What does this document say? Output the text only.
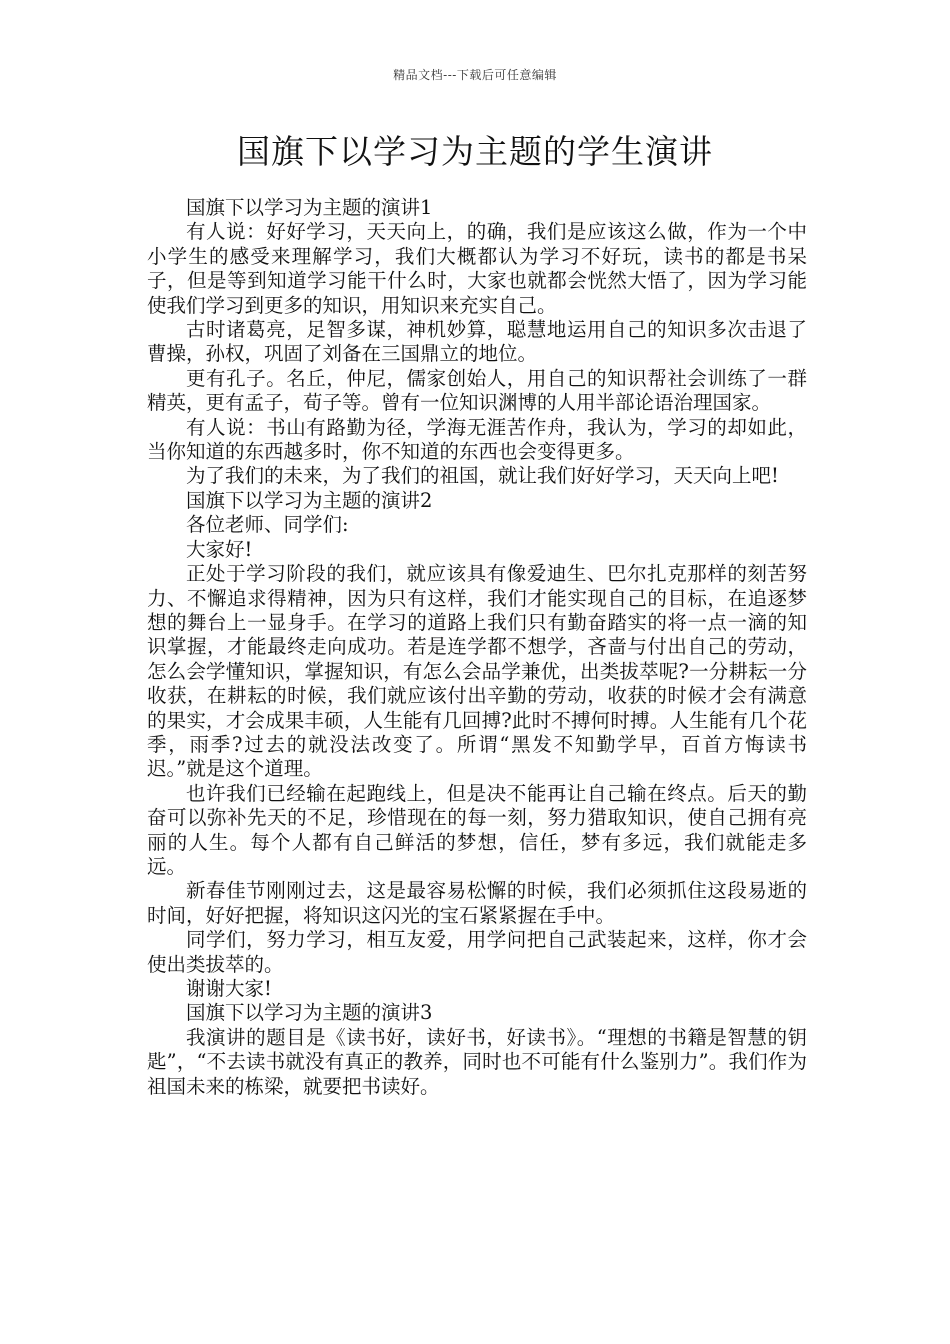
精品文档---下载后可任意编辑
国旗下以学习为主题的学生演讲

国旗下以学习为主题的演讲1

有人说：好好学习，天天向上，的确，我们是应该这么做，作为一个中小学生的感受来理解学习，我们大概都认为学习不好玩，读书的都是书呆子，但是等到知道学习能干什么时，大家也就都会恍然大悟了，因为学习能使我们学习到更多的知识，用知识来充实自己。

古时诸葛亮，足智多谋，神机妙算，聪慧地运用自己的知识多次击退了曹操，孙权，巩固了刘备在三国鼎立的地位。

更有孔子。名丘，仲尼，儒家创始人，用自己的知识帮社会训练了一群精英，更有孟子，荀子等。曾有一位知识渊博的人用半部论语治理国家。

有人说：书山有路勤为径，学海无涯苦作舟，我认为，学习的却如此，当你知道的东西越多时，你不知道的东西也会变得更多。

为了我们的未来，为了我们的祖国，就让我们好好学习，天天向上吧!

国旗下以学习为主题的演讲2

各位老师、同学们:

大家好!

正处于学习阶段的我们，就应该具有像爱迪生、巴尔扎克那样的刻苦努力、不懈追求得精神，因为只有这样，我们才能实现自己的目标，在追逐梦想的舞台上一显身手。在学习的道路上我们只有勤奋踏实的将一点一滴的知识掌握，才能最终走向成功。若是连学都不想学，吝啬与付出自己的劳动，怎么会学懂知识，掌握知识，有怎么会品学兼优，出类拔萃呢?一分耕耘一分收获，在耕耘的时候，我们就应该付出辛勤的劳动，收获的时候才会有满意的果实，才会成果丰硕，人生能有几回搏?此时不搏何时搏。人生能有几个花季，雨季?过去的就没法改变了。所谓“黑发不知勤学早，百首方悔读书迟。”就是这个道理。

也许我们已经输在起跑线上，但是决不能再让自己输在终点。后天的勤奋可以弥补先天的不足，珍惜现在的每一刻，努力猎取知识，使自己拥有亮丽的人生。每个人都有自己鲜活的梦想，信任，梦有多远，我们就能走多远。

新春佳节刚刚过去，这是最容易松懈的时候，我们必须抓住这段易逝的时间，好好把握，将知识这闪光的宝石紧紧握在手中。

同学们，努力学习，相互友爱，用学问把自己武装起来，这样，你才会使出类拔萃的。

谢谢大家!

国旗下以学习为主题的演讲3

我演讲的题目是《读书好，读好书，好读书》。“理想的书籍是智慧的钥匙”，“不去读书就没有真正的教养，同时也不可能有什么鉴别力”。我们作为祖国未来的栋梁，就要把书读好。
